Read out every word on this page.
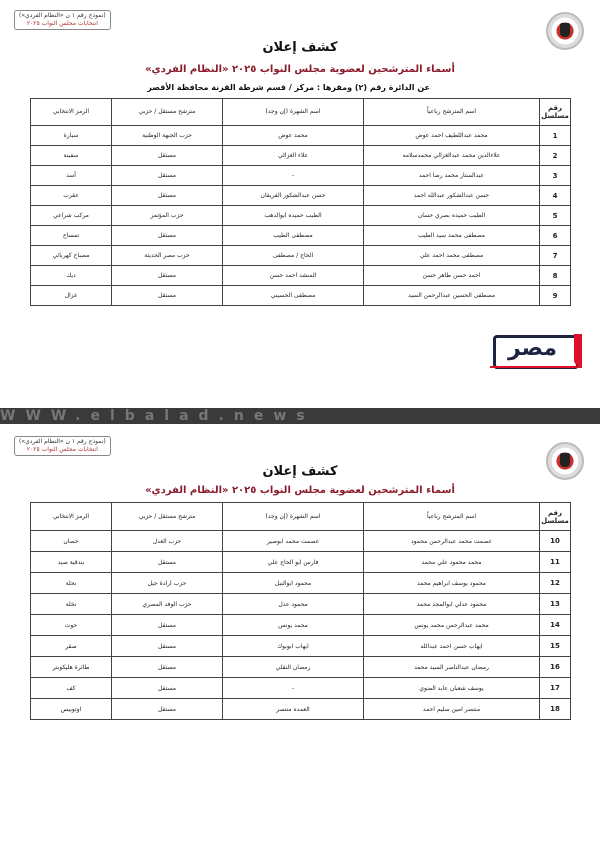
(نموذج رقم ١ ن «النظام الفردي»)
انتخابات مجلس النواب ٢٠٢٥
كشف إعلان
أسماء المترشحين لعضوية مجلس النواب ٢٠٢٥ «النظام الفردي»
عن الدائرة رقم (٢) ومقرها : مركز / قسم شرطة القرنة محافظة الأقصر
رقم مسلسل	اسم المترشح رباعياً	اسم الشهرة (إن وجد)	مترشح مستقل / حزبي	الرمز الانتخابي
1	محمد عبداللطيف احمد عوض	محمد عوض	حزب الجبهة الوطنية	سيارة
2	علاءالدين محمد عبدالغزالي محمدسلامه	علاء الغزالي	مستقل	سفينة
3	عبدالستار محمد رضا احمد	-	مستقل	أسد
4	حسن عبدالشكور عبدالله احمد	حسن عبدالشكور الفريقان	مستقل	عقرب
5	الطيب حميده بصري حسان	الطيب حميده ابوالدهب	حزب المؤتمر	مركب شراعي
6	مصطفى محمد سيد الطيب	مصطفى الطيب	مستقل	تمساح
7	مصطفى محمد احمد علي	الحاج / مصطفى	حزب مصر الحديثة	مصباح كهربائي
8	احمد حسن طاهر حسن	المنشد احمد حسن	مستقل	ديك
9	مصطفى الحسين عبدالرحمن السيد	مصطفى الحسيني	مستقل	غزال
مصر
WWW.elbalad.news
(نموذج رقم ١ ن «النظام الفردي»)
انتخابات مجلس النواب ٢٠٢٥
كشف إعلان
أسماء المترشحين لعضوية مجلس النواب ٢٠٢٥ «النظام الفردي»
رقم مسلسل	اسم المترشح رباعياً	اسم الشهرة (إن وجد)	مترشح مستقل / حزبي	الرمز الانتخابي
10	عصمت محمد عبدالرحمن محمود	عصمت محمد ابوصير	حزب العدل	حصان
11	محمد محمود علي محمد	فارس ابو الحاج علي	مستقل	بندقية صيد
12	محمود يوسف ابراهيم محمد	محمود ابوالنيل	حزب ارادة جيل	نحلة
13	محمود عدلي ابوالمجد محمد	محمود عدل	حزب الوفد المصري	نخلة
14	محمد عبدالرحمن محمد يونس	محمد يونس	مستقل	حوت
15	ايهاب حسن احمد عبدالله	ايهاب ابوبوك	مستقل	صقر
16	رمضان عبدالناصر السيد محمد	رمضان النقلي	مستقل	طائرة هليكوبتر
17	يوسف شعبان عابد الضوي	-	مستقل	كف
18	منتصر امين سليم احمد	العمده منتصر	مستقل	اوتوبيس
